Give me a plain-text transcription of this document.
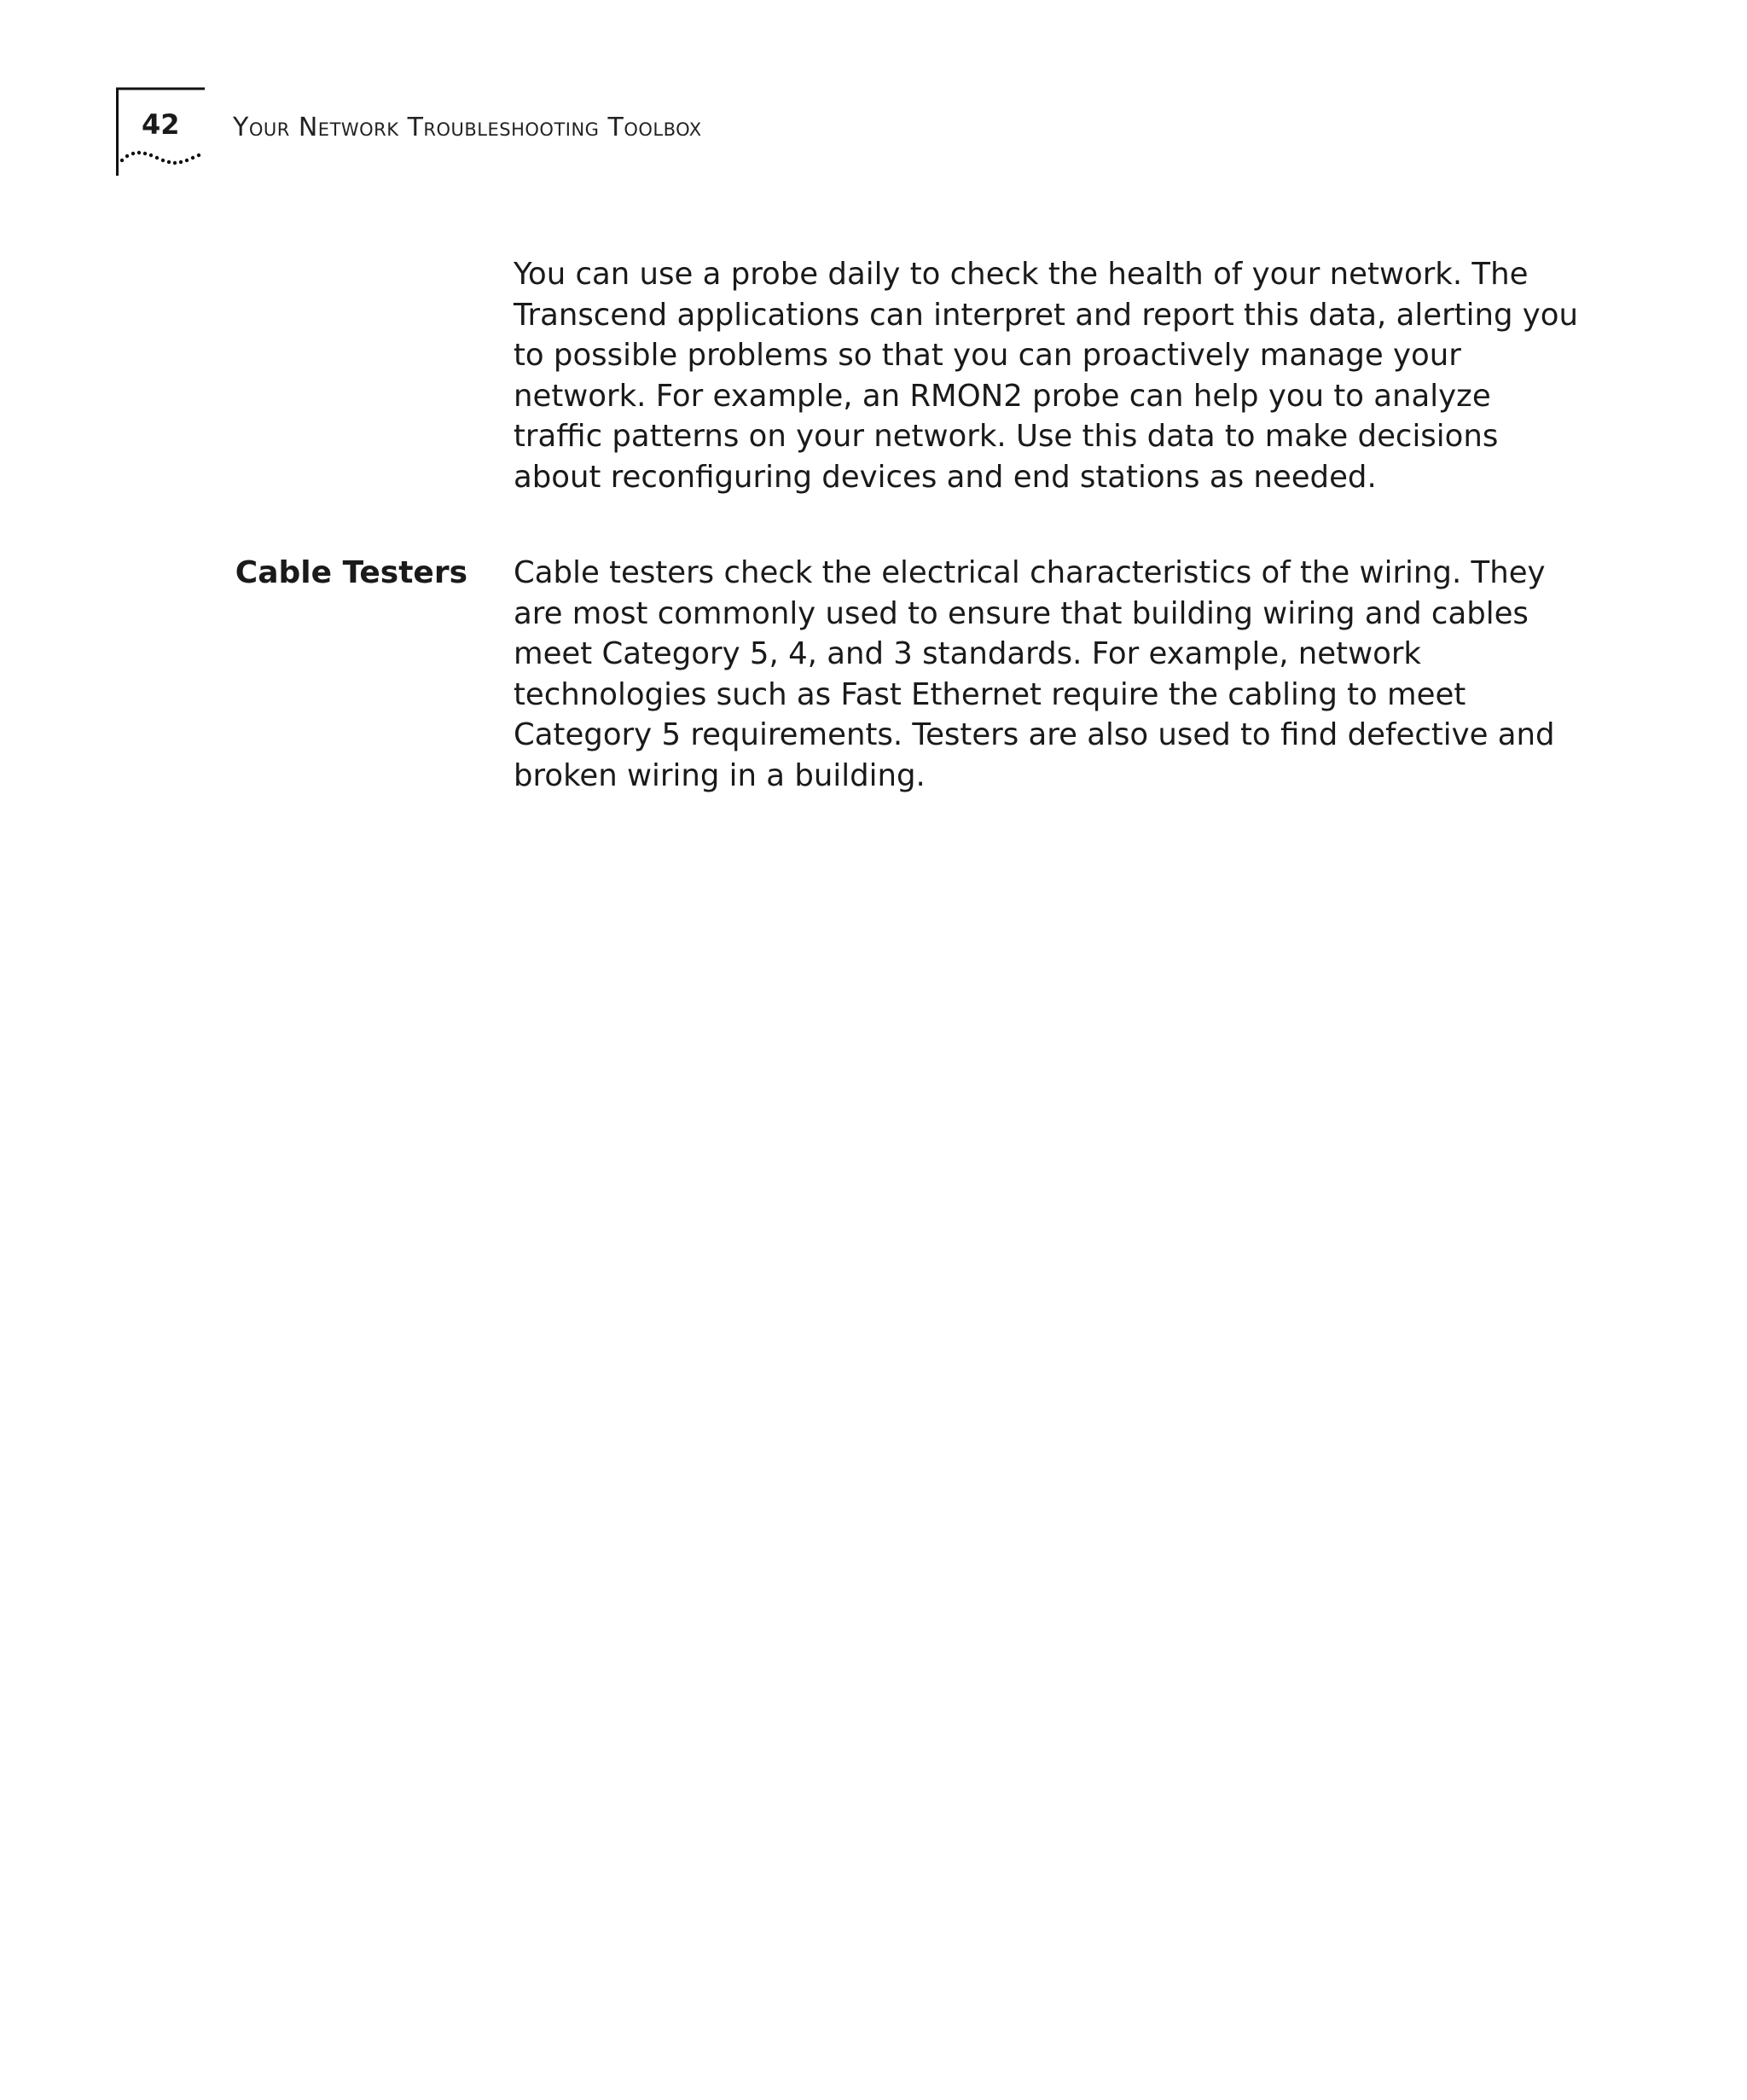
42 Your Network Troubleshooting Toolbox

You can use a probe daily to check the health of your network. The Transcend applications can interpret and report this data, alerting you to possible problems so that you can proactively manage your network. For example, an RMON2 probe can help you to analyze traffic patterns on your network. Use this data to make decisions about reconfiguring devices and end stations as needed.

Cable Testers Cable testers check the electrical characteristics of the wiring. They are most commonly used to ensure that building wiring and cables meet Category 5, 4, and 3 standards. For example, network technologies such as Fast Ethernet require the cabling to meet Category 5 requirements. Testers are also used to find defective and broken wiring in a building.
